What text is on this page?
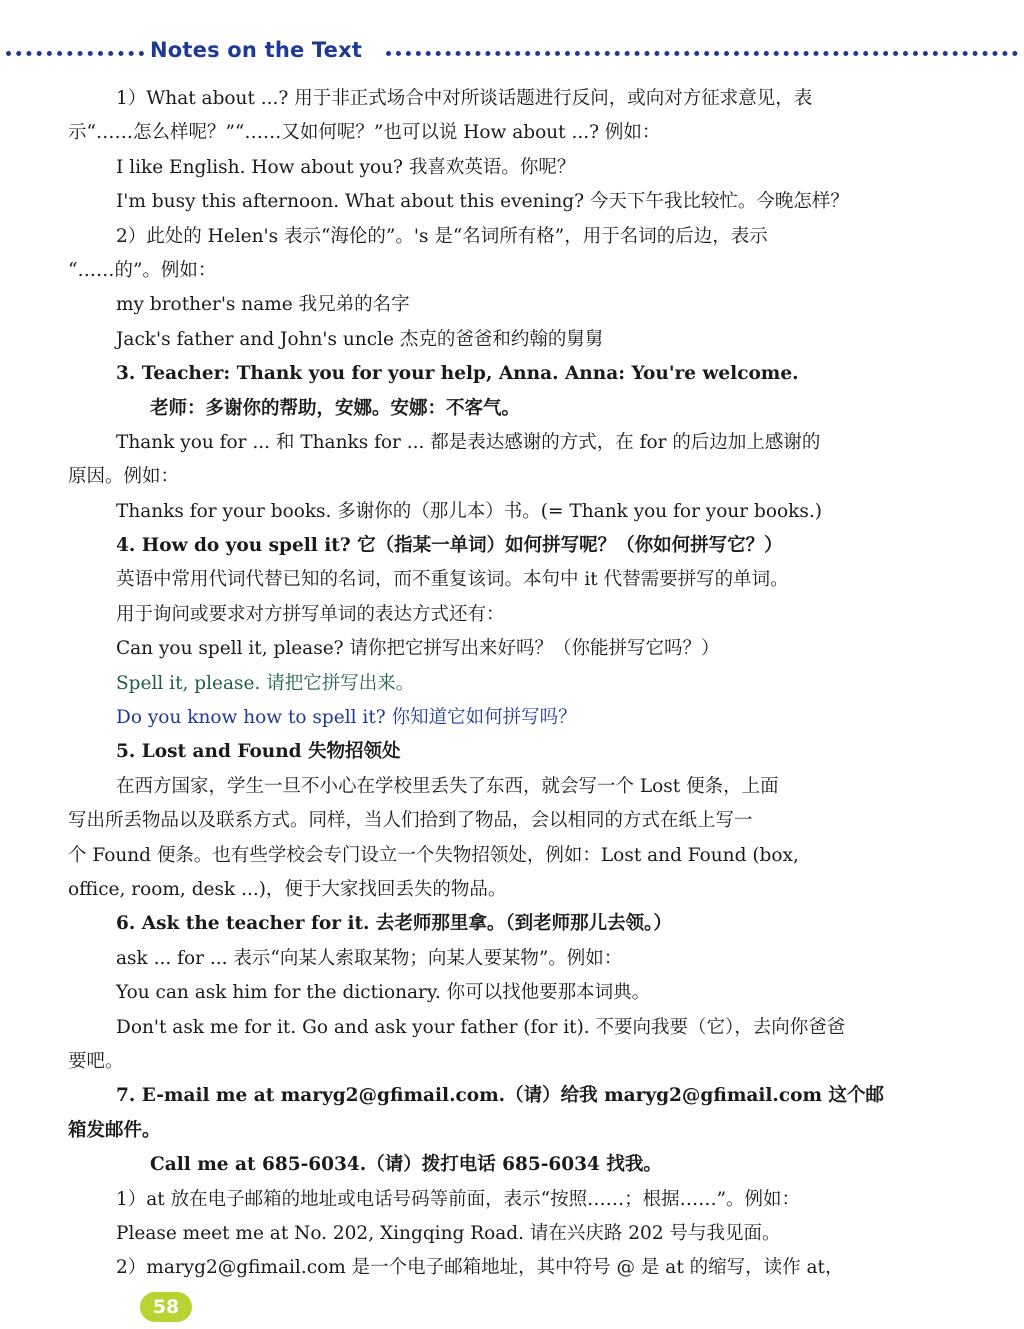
Notes on the Text
1）What about ...? 用于非正式场合中对所谈话题进行反问，或向对方征求意见，表
示“……怎么样呢？”“……又如何呢？”也可以说 How about ...? 例如：
I like English. How about you? 我喜欢英语。你呢？
I'm busy this afternoon. What about this evening? 今天下午我比较忙。今晚怎样？
2）此处的 Helen's 表示“海伦的”。's 是“名词所有格”，用于名词的后边，表示
“……的”。例如：
my brother's name 我兄弟的名字
Jack's father and John's uncle 杰克的爸爸和约翰的舅舅
3. Teacher: Thank you for your help, Anna. Anna: You're welcome.
老师：多谢你的帮助，安娜。安娜：不客气。
Thank you for ... 和 Thanks for ... 都是表达感谢的方式，在 for 的后边加上感谢的
原因。例如：
Thanks for your books. 多谢你的（那儿本）书。(= Thank you for your books.)
4. How do you spell it? 它（指某一单词）如何拼写呢？（你如何拼写它？）
英语中常用代词代替已知的名词，而不重复该词。本句中 it 代替需要拼写的单词。
用于询问或要求对方拼写单词的表达方式还有：
Can you spell it, please? 请你把它拼写出来好吗？（你能拼写它吗？）
Spell it, please. 请把它拼写出来。
Do you know how to spell it? 你知道它如何拼写吗？
5. Lost and Found 失物招领处
在西方国家，学生一旦不小心在学校里丢失了东西，就会写一个 Lost 便条，上面
写出所丢物品以及联系方式。同样，当人们拾到了物品，会以相同的方式在纸上写一
个 Found 便条。也有些学校会专门设立一个失物招领处，例如：Lost and Found (box,
office, room, desk ...)，便于大家找回丢失的物品。
6. Ask the teacher for it. 去老师那里拿。（到老师那儿去领。）
ask ... for ... 表示“向某人索取某物；向某人要某物”。例如：
You can ask him for the dictionary. 你可以找他要那本词典。
Don't ask me for it. Go and ask your father (for it). 不要向我要（它），去向你爸爸
要吧。
7. E-mail me at maryg2@gfimail.com.（请）给我 maryg2@gfimail.com 这个邮
箱发邮件。
Call me at 685-6034.（请）拨打电话 685-6034 找我。
1）at 放在电子邮箱的地址或电话号码等前面，表示“按照……；根据……”。例如：
Please meet me at No. 202, Xingqing Road. 请在兴庆路 202 号与我见面。
2）maryg2@gfimail.com 是一个电子邮箱地址，其中符号 @ 是 at 的缩写，读作 at，
58
